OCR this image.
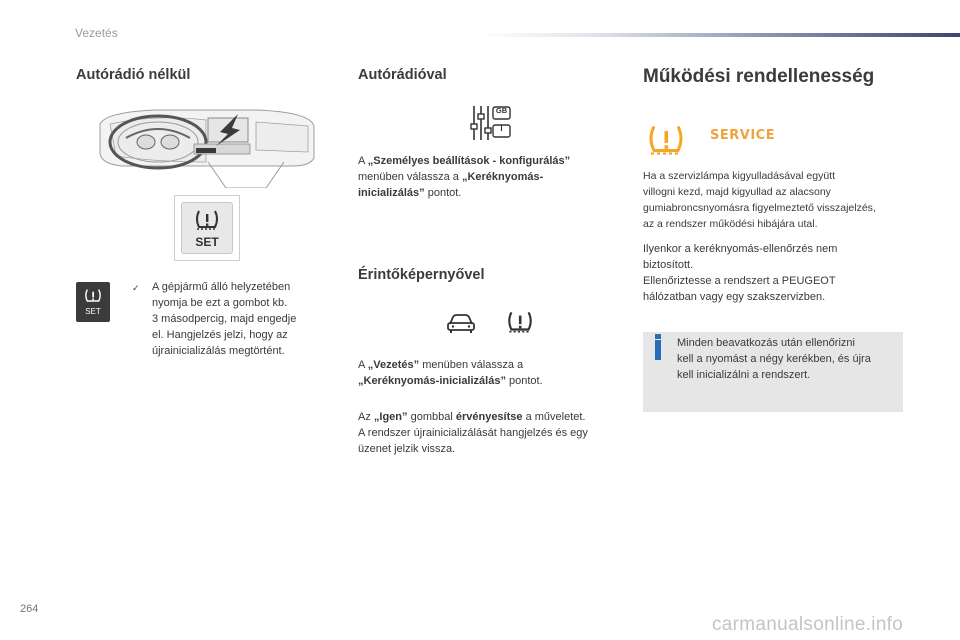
Vezetés
Autórádió nélkül
SET
SET
✓ A gépjármű álló helyzetében
nyomja be ezt a gombot kb.
3 másodpercig, majd engedje
el. Hangjelzés jelzi, hogy az
újrainicializálás megtörtént.
Autórádióval
GB
I
A „Személyes beállítások - konfigurálás”
menüben válassza a „Keréknyomás-
inicializálás” pontot.
Érintőképernyővel
A „Vezetés” menüben válassza a
„Keréknyomás-inicializálás” pontot.
Az „Igen” gombbal érvényesítse a műveletet.
A rendszer újrainicializálását hangjelzés és egy
üzenet jelzik vissza.
Működési rendellenesség
SERVICE
Ha a szervizlámpa kigyulladásával együtt
villogni kezd, majd kigyullad az alacsony
gumiabroncsnyomásra figyelmeztető visszajelzés,
az a rendszer működési hibájára utal.
Ilyenkor a keréknyomás-ellenőrzés nem
biztosított.
Ellenőriztesse a rendszert a PEUGEOT
hálózatban vagy egy szakszervizben.
Minden beavatkozás után ellenőrizni
kell a nyomást a négy kerékben, és újra
kell inicializálni a rendszert.
264
carmanualsonline.info
